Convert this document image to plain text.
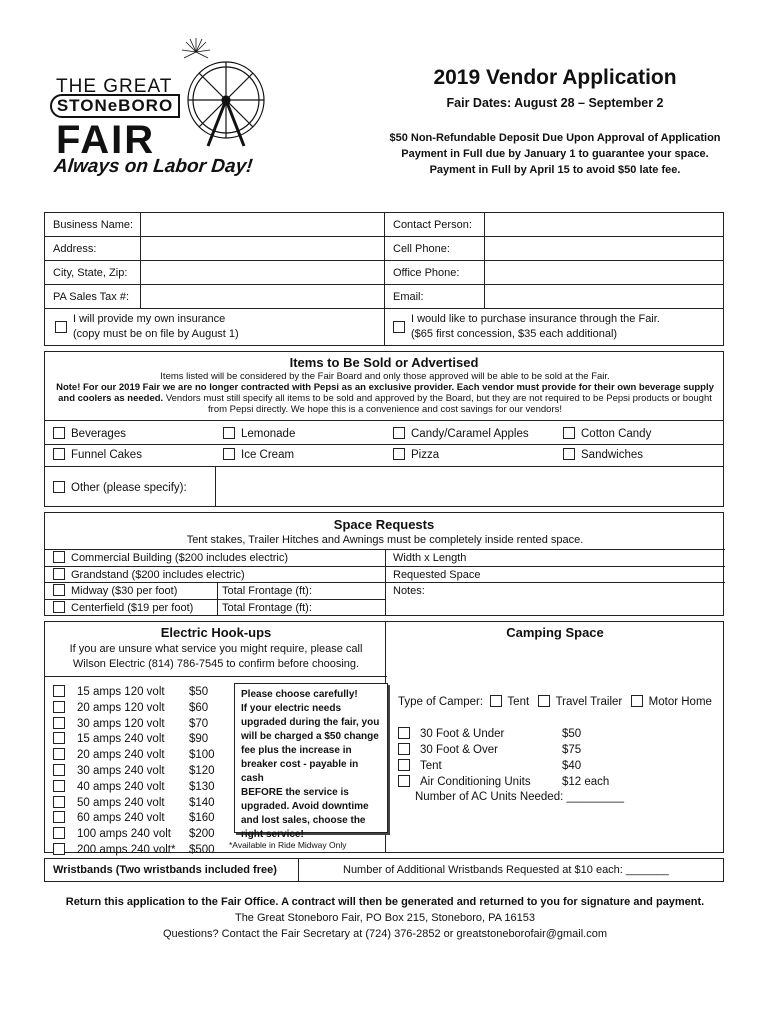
THE GREAT
STONeBORO
FAIR
Always on Labor Day!
2019 Vendor Application
Fair Dates: August 28 – September 2
$50 Non-Refundable Deposit Due Upon Approval of Application
Payment in Full due by January 1 to guarantee your space.
Payment in Full by April 15 to avoid $50 late fee.
Business Name:	Contact Person:
Address:	Cell Phone:
City, State, Zip:	Office Phone:
PA Sales Tax #:	Email:
I will provide my own insurance
(copy must be on file by August 1)
I would like to purchase insurance through the Fair.
($65 first concession, $35 each additional)
Items to Be Sold or Advertised
Items listed will be considered by the Fair Board and only those approved will be able to be sold at the Fair.
Note! For our 2019 Fair we are no longer contracted with Pepsi as an exclusive provider. Each vendor must provide for their own beverage supply and coolers as needed. Vendors must still specify all items to be sold and approved by the Board, but they are not required to be Pepsi products or bought from Pepsi directly. We hope this is a convenience and cost savings for our vendors!
Beverages	Lemonade	Candy/Caramel Apples	Cotton Candy
Funnel Cakes	Ice Cream	Pizza	Sandwiches
Other (please specify):
Space Requests
Tent stakes, Trailer Hitches and Awnings must be completely inside rented space.
Commercial Building ($200 includes electric)
Grandstand ($200 includes electric)
Midway ($30 per foot)	Total Frontage (ft):
Centerfield ($19 per foot)	Total Frontage (ft):
Width x Length
Requested Space
Notes:
Electric Hook-ups
If you are unsure what service you might require, please call
Wilson Electric (814) 786-7545 to confirm before choosing.
15 amps 120 volt $50
20 amps 120 volt $60
30 amps 120 volt $70
15 amps 240 volt $90
20 amps 240 volt $100
30 amps 240 volt $120
40 amps 240 volt $130
50 amps 240 volt $140
60 amps 240 volt $160
100 amps 240 volt $200
200 amps 240 volt* $500 *Available in Ride Midway Only
Please choose carefully!
If your electric needs
upgraded during the fair, you
will be charged a $50 change
fee plus the increase in
breaker cost - payable in cash
BEFORE the service is
upgraded. Avoid downtime
and lost sales, choose the
right service!
Camping Space
Type of Camper: Tent Travel Trailer Motor Home
30 Foot & Under	$50
30 Foot & Over	$75
Tent	$40
Air Conditioning Units	$12 each
Number of AC Units Needed: _________
Wristbands (Two wristbands included free)	Number of Additional Wristbands Requested at $10 each: _______
Return this application to the Fair Office. A contract will then be generated and returned to you for signature and payment.
The Great Stoneboro Fair, PO Box 215, Stoneboro, PA 16153
Questions? Contact the Fair Secretary at (724) 376-2852 or greatstoneborofair@gmail.com
